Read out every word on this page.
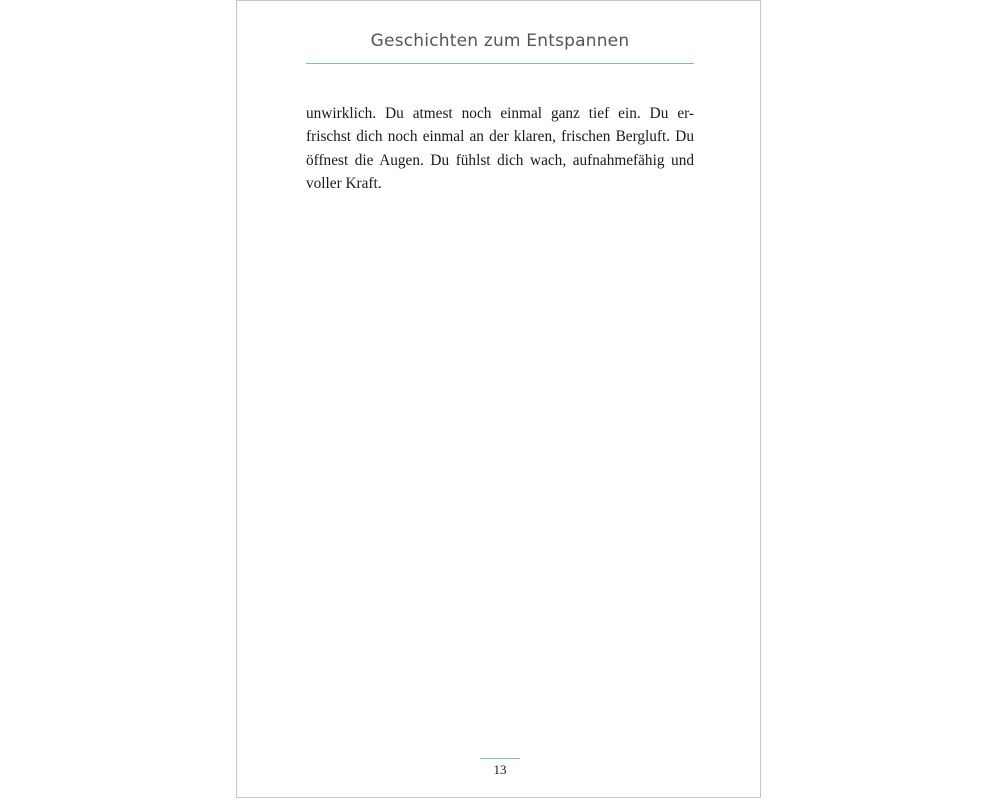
Geschichten zum Entspannen
unwirklich. Du atmest noch einmal ganz tief ein. Du er-
frischst dich noch einmal an der klaren, frischen Bergluft. Du
öffnest die Augen. Du fühlst dich wach, aufnahmefähig und
voller Kraft.
13
